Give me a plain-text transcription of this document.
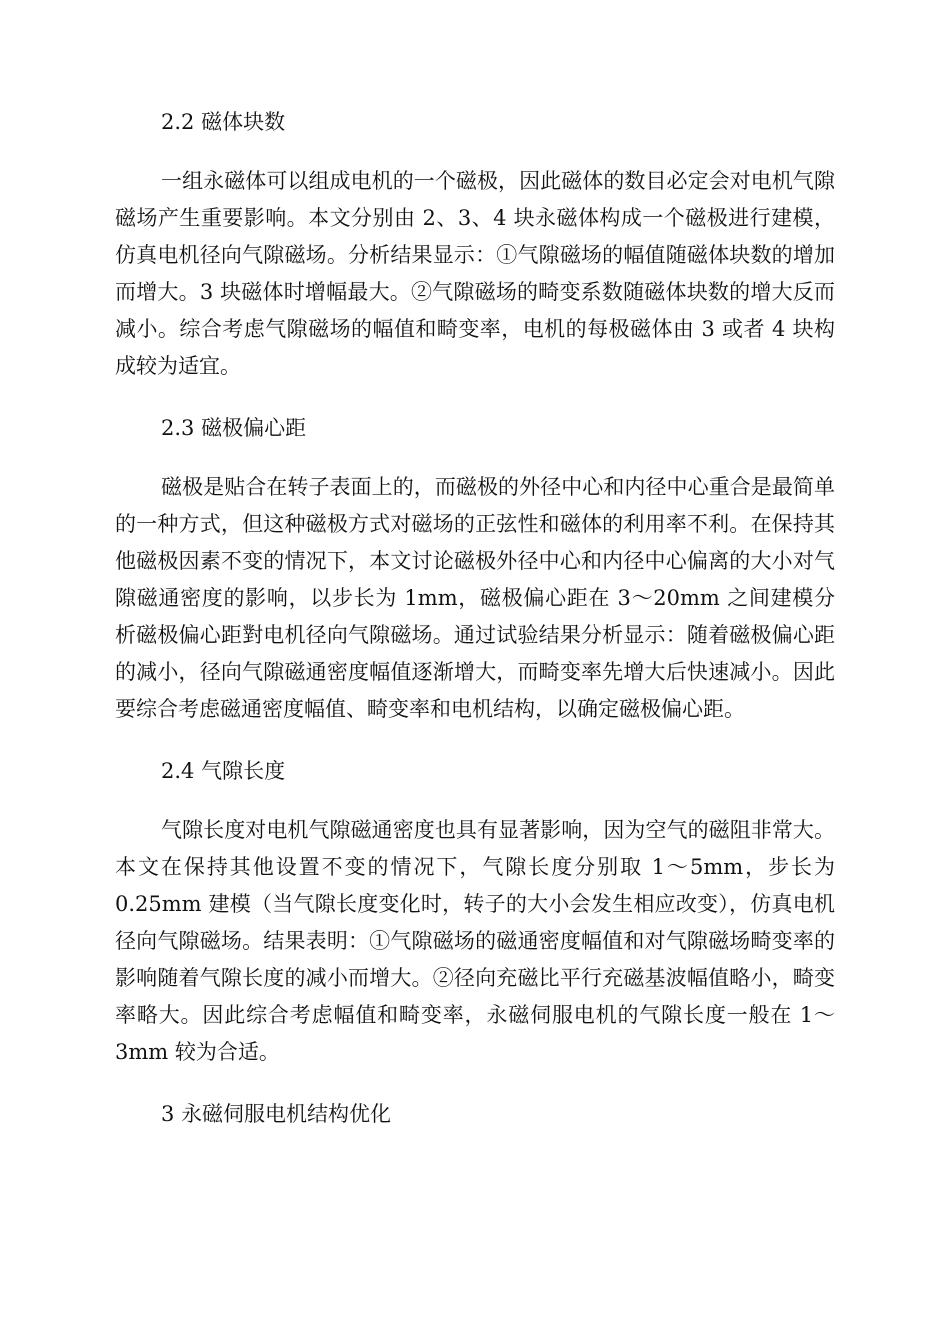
2.2 磁体块数

一组永磁体可以组成电机的一个磁极，因此磁体的数目必定会对电机气隙磁场产生重要影响。本文分别由 2、3、4 块永磁体构成一个磁极进行建模，仿真电机径向气隙磁场。分析结果显示：①气隙磁场的幅值随磁体块数的增加而增大。3 块磁体时增幅最大。②气隙磁场的畸变系数随磁体块数的增大反而减小。综合考虑气隙磁场的幅值和畸变率，电机的每极磁体由 3 或者 4 块构成较为适宜。

2.3 磁极偏心距

磁极是贴合在转子表面上的，而磁极的外径中心和内径中心重合是最简单的一种方式，但这种磁极方式对磁场的正弦性和磁体的利用率不利。在保持其他磁极因素不变的情况下，本文讨论磁极外径中心和内径中心偏离的大小对气隙磁通密度的影响，以步长为 1mm，磁极偏心距在 3～20mm 之间建模分析磁极偏心距對电机径向气隙磁场。通过试验结果分析显示：随着磁极偏心距的减小，径向气隙磁通密度幅值逐渐增大，而畸变率先增大后快速减小。因此要综合考虑磁通密度幅值、畸变率和电机结构，以确定磁极偏心距。

2.4 气隙长度

气隙长度对电机气隙磁通密度也具有显著影响，因为空气的磁阻非常大。本文在保持其他设置不变的情况下，气隙长度分别取 1～5mm，步长为 0.25mm 建模（当气隙长度变化时，转子的大小会发生相应改变），仿真电机径向气隙磁场。结果表明：①气隙磁场的磁通密度幅值和对气隙磁场畸变率的影响随着气隙长度的减小而增大。②径向充磁比平行充磁基波幅值略小，畸变率略大。因此综合考虑幅值和畸变率，永磁伺服电机的气隙长度一般在 1～3mm 较为合适。

3 永磁伺服电机结构优化
